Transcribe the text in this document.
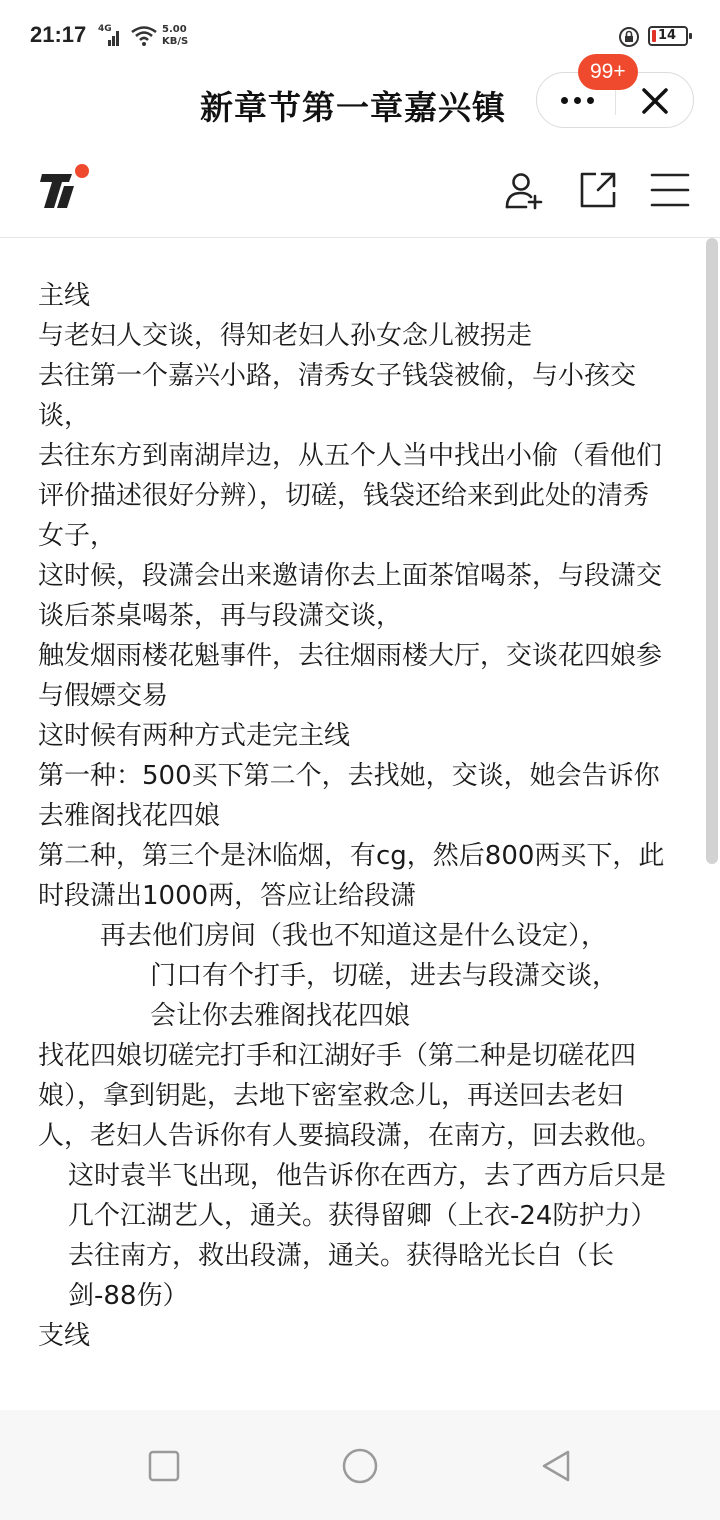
21:17 4G	5.00
KB/S	14
新章节第一章嘉兴镇
99+

主线

与老妇人交谈，得知老妇人孙女念儿被拐走

去往第一个嘉兴小路，清秀女子钱袋被偷，与小孩交谈，

去往东方到南湖岸边，从五个人当中找出小偷（看他们评价描述很好分辨），切磋，钱袋还给来到此处的清秀女子，

这时候，段潇会出来邀请你去上面茶馆喝茶，与段潇交谈后茶桌喝茶，再与段潇交谈，

触发烟雨楼花魁事件，去往烟雨楼大厅，交谈花四娘参与假嫖交易

这时候有两种方式走完主线

第一种：500买下第二个，去找她，交谈，她会告诉你去雅阁找花四娘

第二种，第三个是沐临烟，有cg，然后800两买下，此时段潇出1000两，答应让给段潇

再去他们房间（我也不知道这是什么设定），

门口有个打手，切磋，进去与段潇交谈，

会让你去雅阁找花四娘

找花四娘切磋完打手和江湖好手（第二种是切磋花四娘），拿到钥匙，去地下密室救念儿，再送回去老妇人，老妇人告诉你有人要搞段潇，在南方，回去救他。

这时袁半飞出现，他告诉你在西方，去了西方后只是几个江湖艺人，通关。获得留卿（上衣-24防护力）

去往南方，救出段潇，通关。获得晗光长白（长剑-88伤）

支线
